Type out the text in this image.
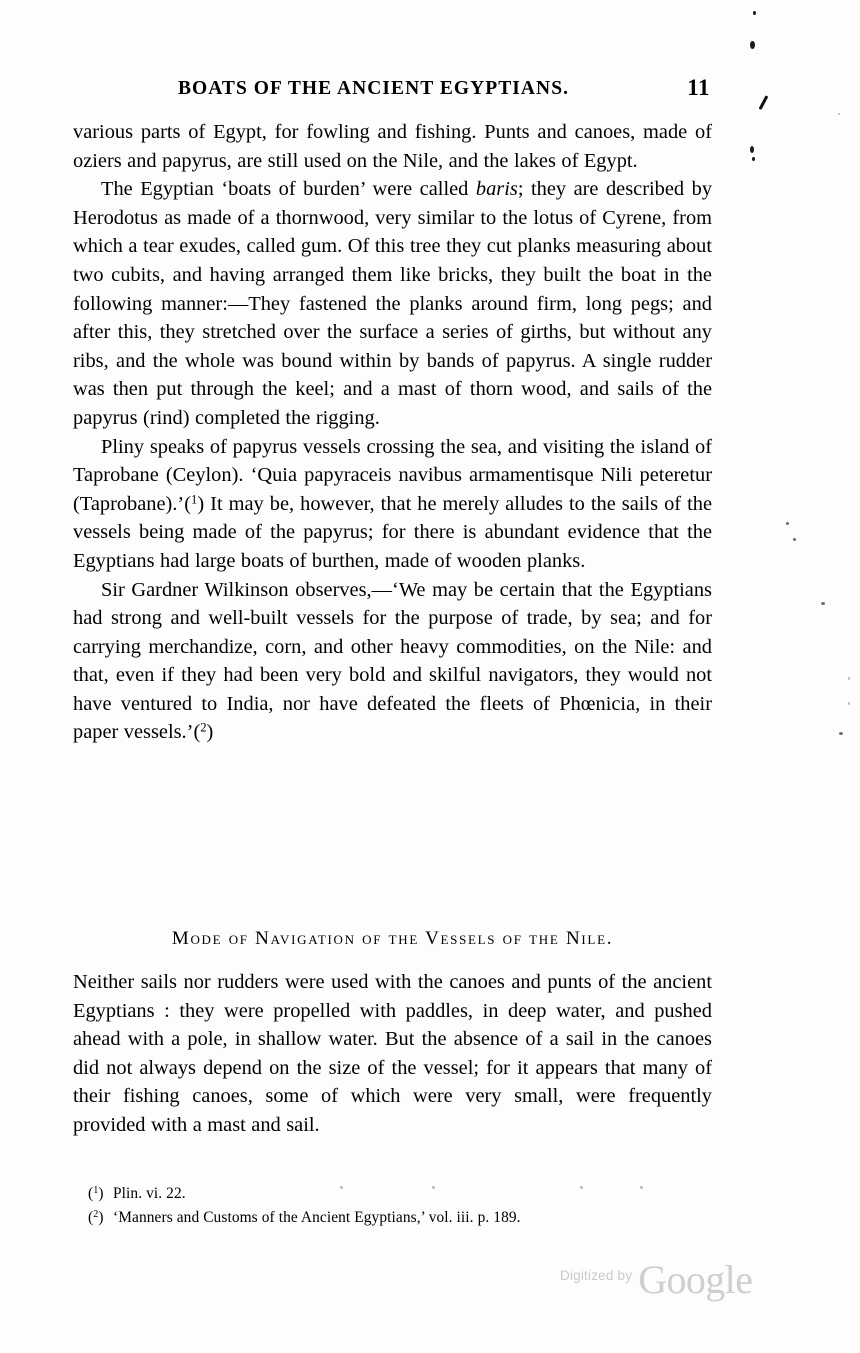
BOATS OF THE ANCIENT EGYPTIANS.	11

various parts of Egypt, for fowling and fishing. Punts and canoes, made of oziers and papyrus, are still used on the Nile, and the lakes of Egypt.

The Egyptian ‘boats of burden’ were called baris; they are described by Herodotus as made of a thornwood, very similar to the lotus of Cyrene, from which a tear exudes, called gum. Of this tree they cut planks measuring about two cubits, and having arranged them like bricks, they built the boat in the following manner:—They fastened the planks around firm, long pegs; and after this, they stretched over the surface a series of girths, but without any ribs, and the whole was bound within by bands of papyrus. A single rudder was then put through the keel; and a mast of thorn wood, and sails of the papyrus (rind) completed the rigging.

Pliny speaks of papyrus vessels crossing the sea, and visiting the island of Taprobane (Ceylon). ‘Quia papyraceis navibus armamentisque Nili peteretur (Taprobane).’($^1$) It may be, however, that he merely alludes to the sails of the vessels being made of the papyrus; for there is abundant evidence that the Egyptians had large boats of burthen, made of wooden planks.

Sir Gardner Wilkinson observes,—‘We may be certain that the Egyptians had strong and well-built vessels for the purpose of trade, by sea; and for carrying merchandize, corn, and other heavy commodities, on the Nile: and that, even if they had been very bold and skilful navigators, they would not have ventured to India, nor have defeated the fleets of Phœnicia, in their paper vessels.’($^2$)

Mode of Navigation of the Vessels of the Nile.

Neither sails nor rudders were used with the canoes and punts of the ancient Egyptians : they were propelled with paddles, in deep water, and pushed ahead with a pole, in shallow water. But the absence of a sail in the canoes did not always depend on the size of the vessel; for it appears that many of their fishing canoes, some of which were very small, were frequently provided with a mast and sail.

($^1$) Plin. vi. 22.

($^2$) ‘Manners and Customs of the Ancient Egyptians,’ vol. iii. p. 189.

$^{Digitized by}$ Google
